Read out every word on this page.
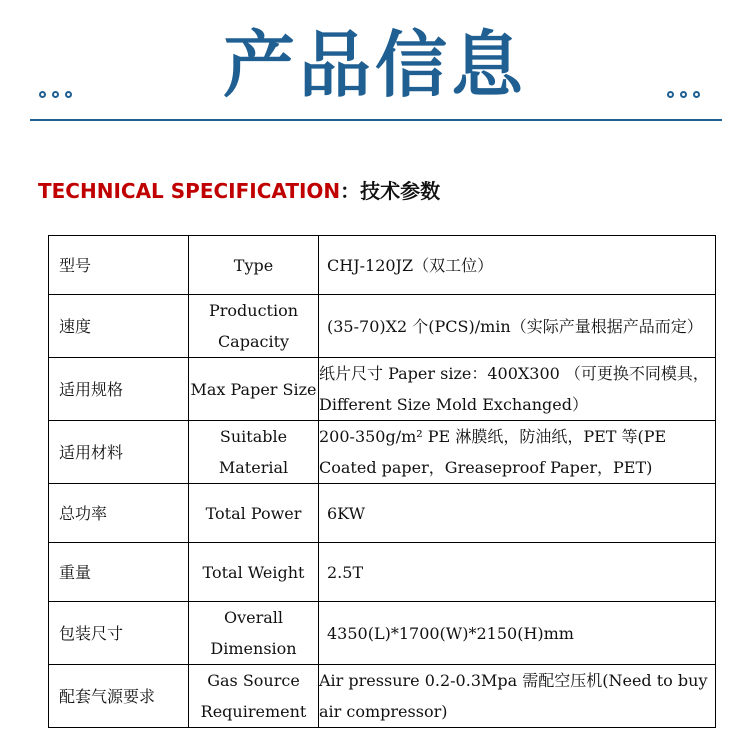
产品信息
TECHNICAL SPECIFICATION：技术参数
型号	Type	CHJ-120JZ（双工位）
速度	Production Capacity	(35-70)X2 个(PCS)/min（实际产量根据产品而定）
适用规格	Max Paper Size	纸片尺寸 Paper size：400X300 （可更换不同模具，Different Size Mold Exchanged）
适用材料	Suitable Material	200-350g/m² PE 淋膜纸，防油纸，PET 等(PE Coated paper，Greaseproof Paper，PET)
总功率	Total Power	6KW
重量	Total Weight	2.5T
包装尺寸	Overall Dimension	4350(L)*1700(W)*2150(H)mm
配套气源要求	Gas Source Requirement	Air pressure 0.2-0.3Mpa 需配空压机(Need to buy air compressor)
